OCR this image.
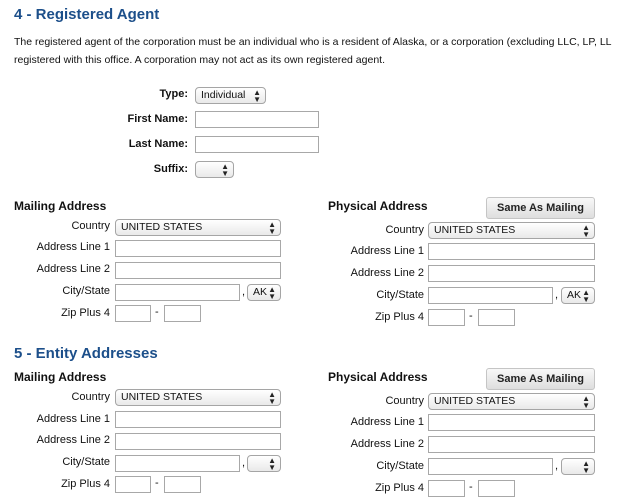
4 - Registered Agent
The registered agent of the corporation must be an individual who is a resident of Alaska, or a corporation (excluding LLC, LP, LL
registered with this office. A corporation may not act as its own registered agent.
Type:	Individual ▲
▼
First Name:
Last Name:
Suffix:	▲
▼
Mailing Address
Country	UNITED STATES	▲
▼
Address Line 1
Address Line 2
City/State	, AK ▲
▼
Zip Plus 4	-
Physical Address	Same As Mailing
Country UNITED STATES	▲
▼
Address Line 1
Address Line 2
City/State	, AK ▲
▼
Zip Plus 4	-
5 - Entity Addresses
Mailing Address
Country	UNITED STATES	▲
▼
Address Line 1
Address Line 2
City/State	,	▲
▼
Zip Plus 4	-
Physical Address	Same As Mailing
Country UNITED STATES	▲
▼
Address Line 1
Address Line 2
City/State	,	▲
▼
Zip Plus 4	-
